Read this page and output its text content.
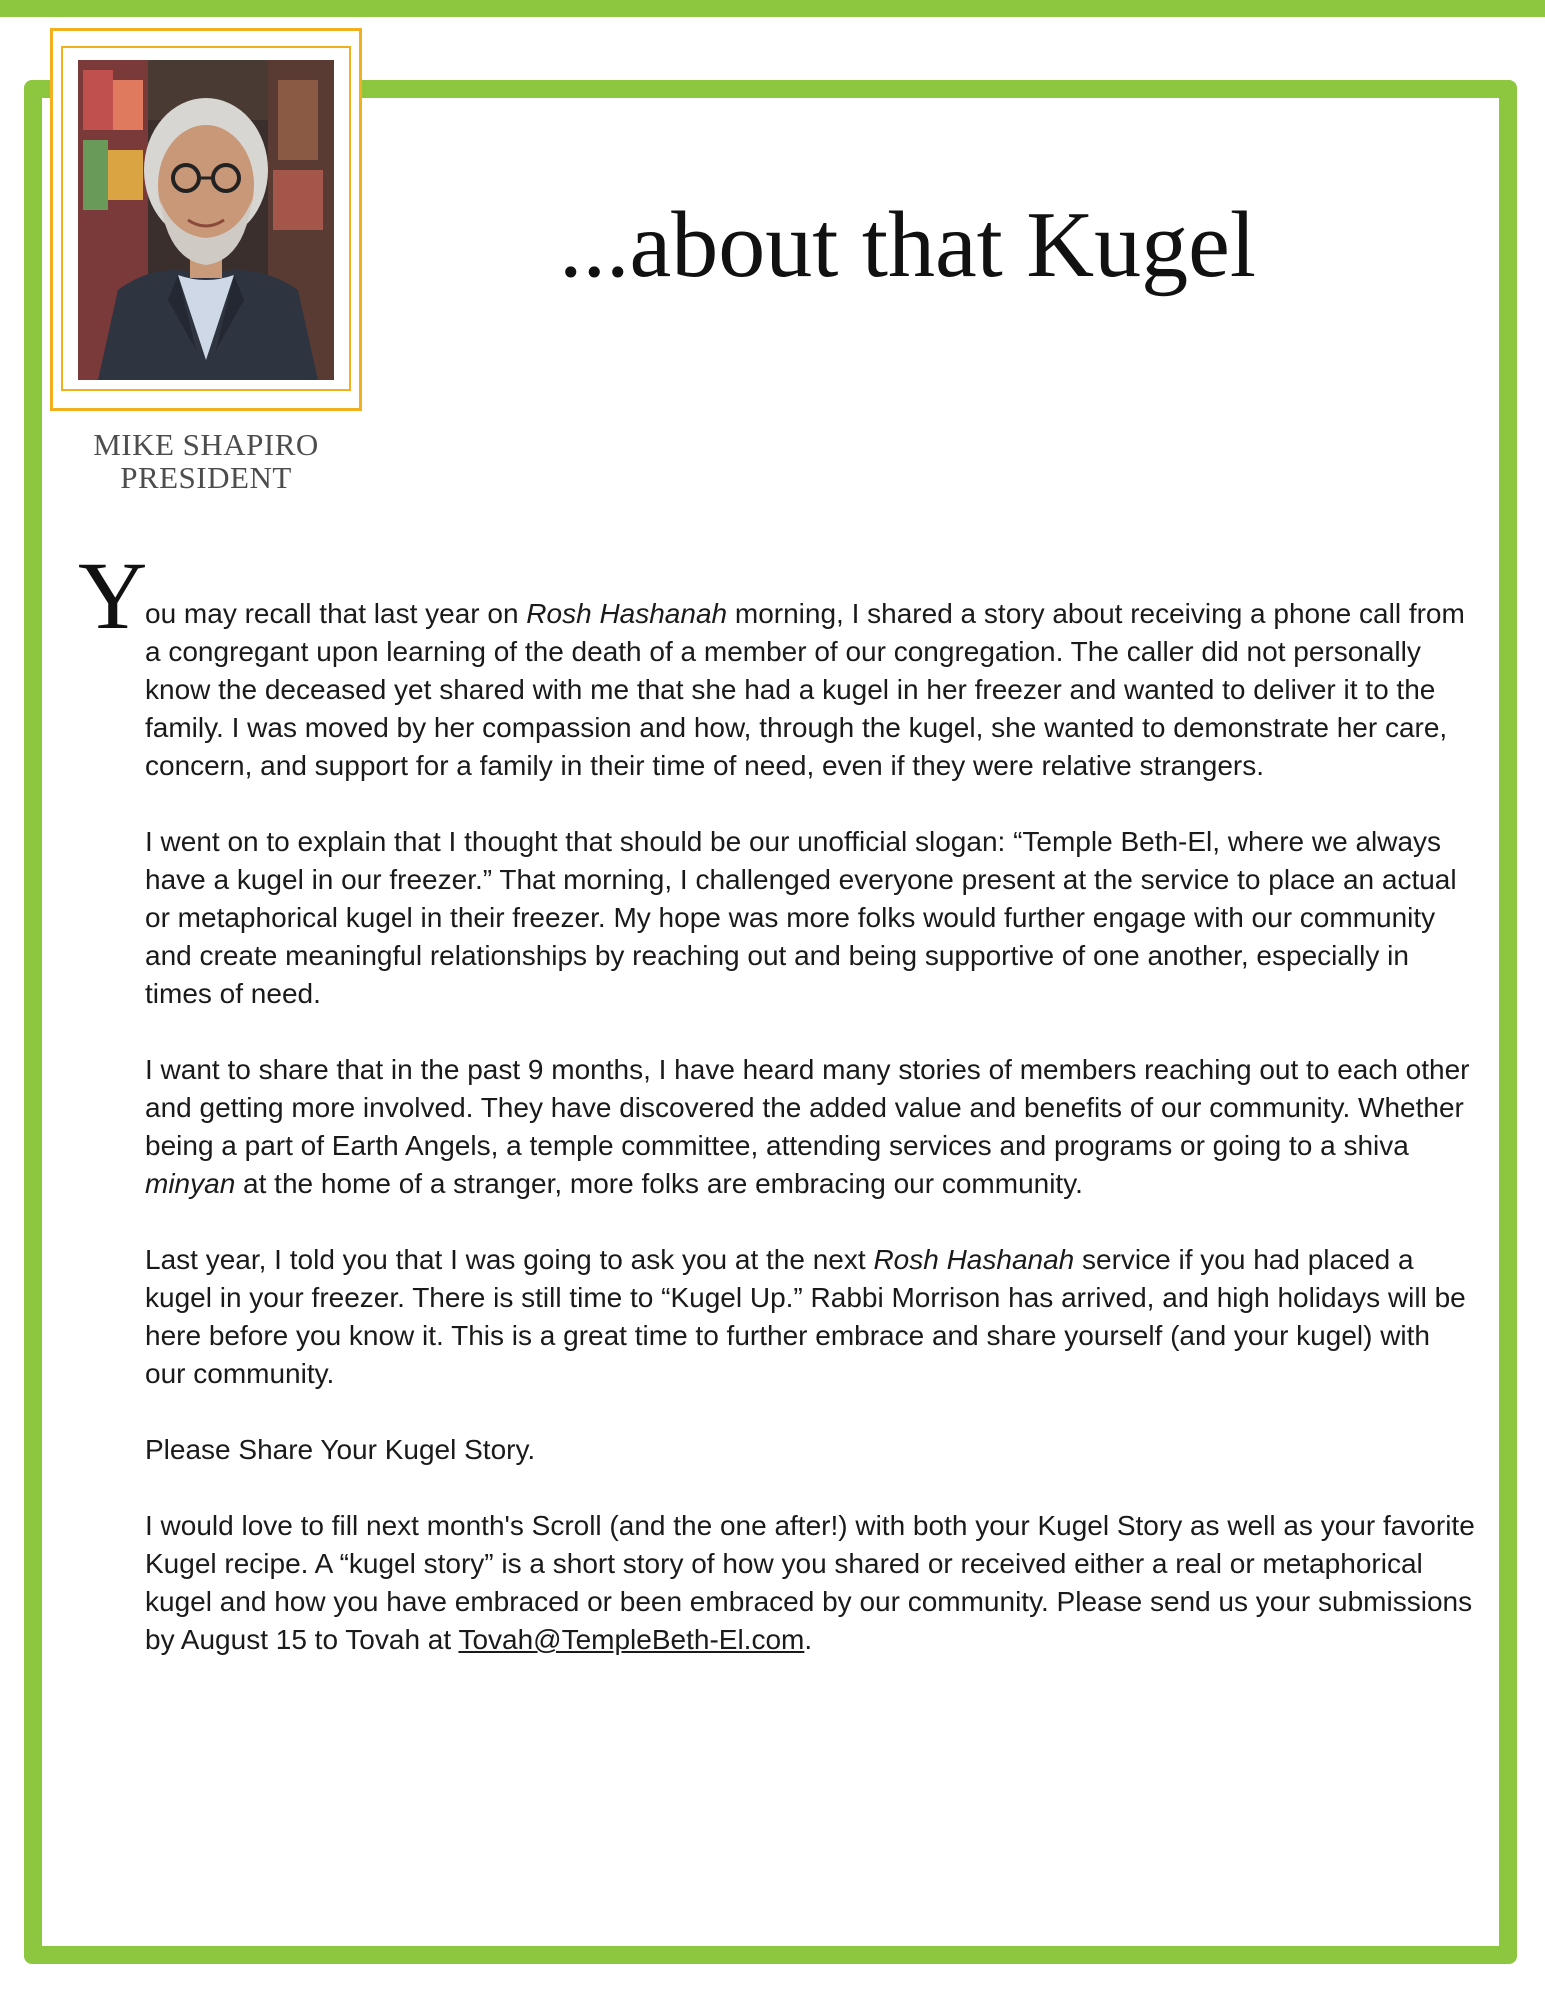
MIKE SHAPIRO
PRESIDENT
...about that Kugel
Y

ou may recall that last year on Rosh Hashanah morning, I shared a story about receiving a phone call from a congregant upon learning of the death of a member of our congregation. The caller did not personally know the deceased yet shared with me that she had a kugel in her freezer and wanted to deliver it to the family. I was moved by her compassion and how, through the kugel, she wanted to demonstrate her care, concern, and support for a family in their time of need, even if they were relative strangers.

I went on to explain that I thought that should be our unofficial slogan: “Temple Beth-El, where we always have a kugel in our freezer.” That morning, I challenged everyone present at the service to place an actual or metaphorical kugel in their freezer. My hope was more folks would further engage with our community and create meaningful relationships by reaching out and being supportive of one another, especially in times of need.

I want to share that in the past 9 months, I have heard many stories of members reaching out to each other and getting more involved. They have discovered the added value and benefits of our community. Whether being a part of Earth Angels, a temple committee, attending services and programs or going to a shiva minyan at the home of a stranger, more folks are embracing our community.

Last year, I told you that I was going to ask you at the next Rosh Hashanah service if you had placed a kugel in your freezer. There is still time to “Kugel Up.” Rabbi Morrison has arrived, and high holidays will be here before you know it. This is a great time to further embrace and share yourself (and your kugel) with our community.

Please Share Your Kugel Story.

I would love to fill next month's Scroll (and the one after!) with both your Kugel Story as well as your favorite Kugel recipe. A “kugel story” is a short story of how you shared or received either a real or metaphorical kugel and how you have embraced or been embraced by our community. Please send us your submissions by August 15 to Tovah at Tovah@TempleBeth-El.com.
